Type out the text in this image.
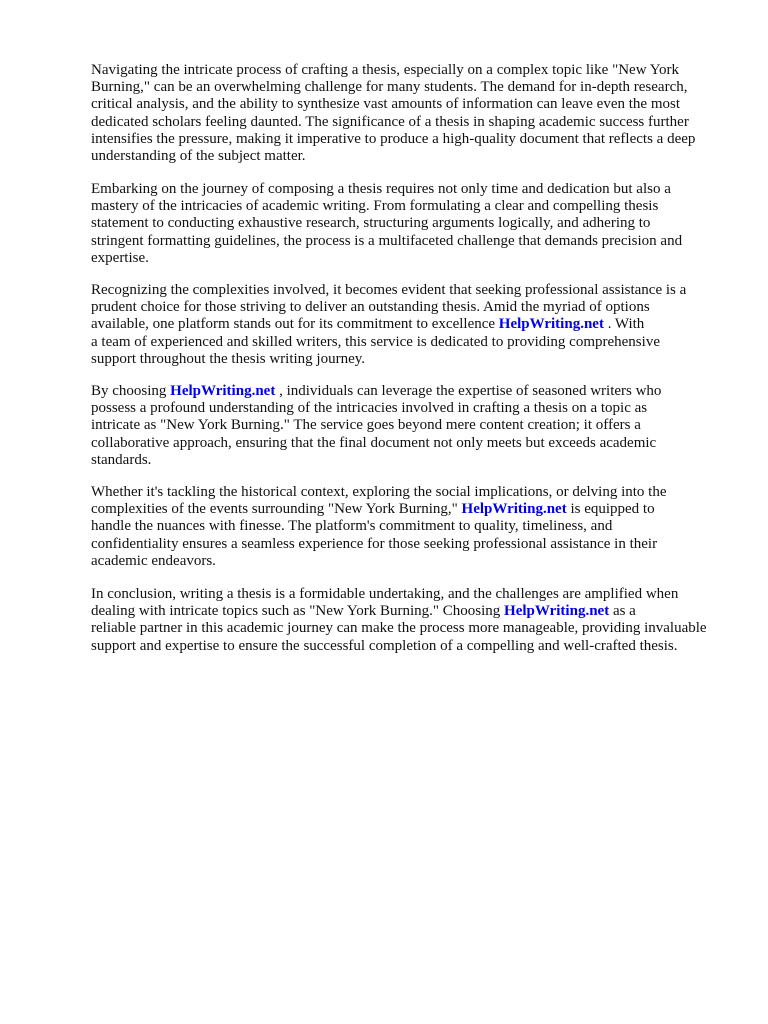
Navigating the intricate process of crafting a thesis, especially on a complex topic like "New York
Burning," can be an overwhelming challenge for many students. The demand for in-depth research,
critical analysis, and the ability to synthesize vast amounts of information can leave even the most
dedicated scholars feeling daunted. The significance of a thesis in shaping academic success further
intensifies the pressure, making it imperative to produce a high-quality document that reflects a deep
understanding of the subject matter.

Embarking on the journey of composing a thesis requires not only time and dedication but also a
mastery of the intricacies of academic writing. From formulating a clear and compelling thesis
statement to conducting exhaustive research, structuring arguments logically, and adhering to
stringent formatting guidelines, the process is a multifaceted challenge that demands precision and
expertise.

Recognizing the complexities involved, it becomes evident that seeking professional assistance is a
prudent choice for those striving to deliver an outstanding thesis. Amid the myriad of options
available, one platform stands out for its commitment to excellence HelpWriting.net . With
a team of experienced and skilled writers, this service is dedicated to providing comprehensive
support throughout the thesis writing journey.

By choosing HelpWriting.net , individuals can leverage the expertise of seasoned writers who
possess a profound understanding of the intricacies involved in crafting a thesis on a topic as
intricate as "New York Burning." The service goes beyond mere content creation; it offers a
collaborative approach, ensuring that the final document not only meets but exceeds academic
standards.

Whether it's tackling the historical context, exploring the social implications, or delving into the
complexities of the events surrounding "New York Burning," HelpWriting.net is equipped to
handle the nuances with finesse. The platform's commitment to quality, timeliness, and
confidentiality ensures a seamless experience for those seeking professional assistance in their
academic endeavors.

In conclusion, writing a thesis is a formidable undertaking, and the challenges are amplified when
dealing with intricate topics such as "New York Burning." Choosing HelpWriting.net as a
reliable partner in this academic journey can make the process more manageable, providing invaluable
support and expertise to ensure the successful completion of a compelling and well-crafted thesis.
